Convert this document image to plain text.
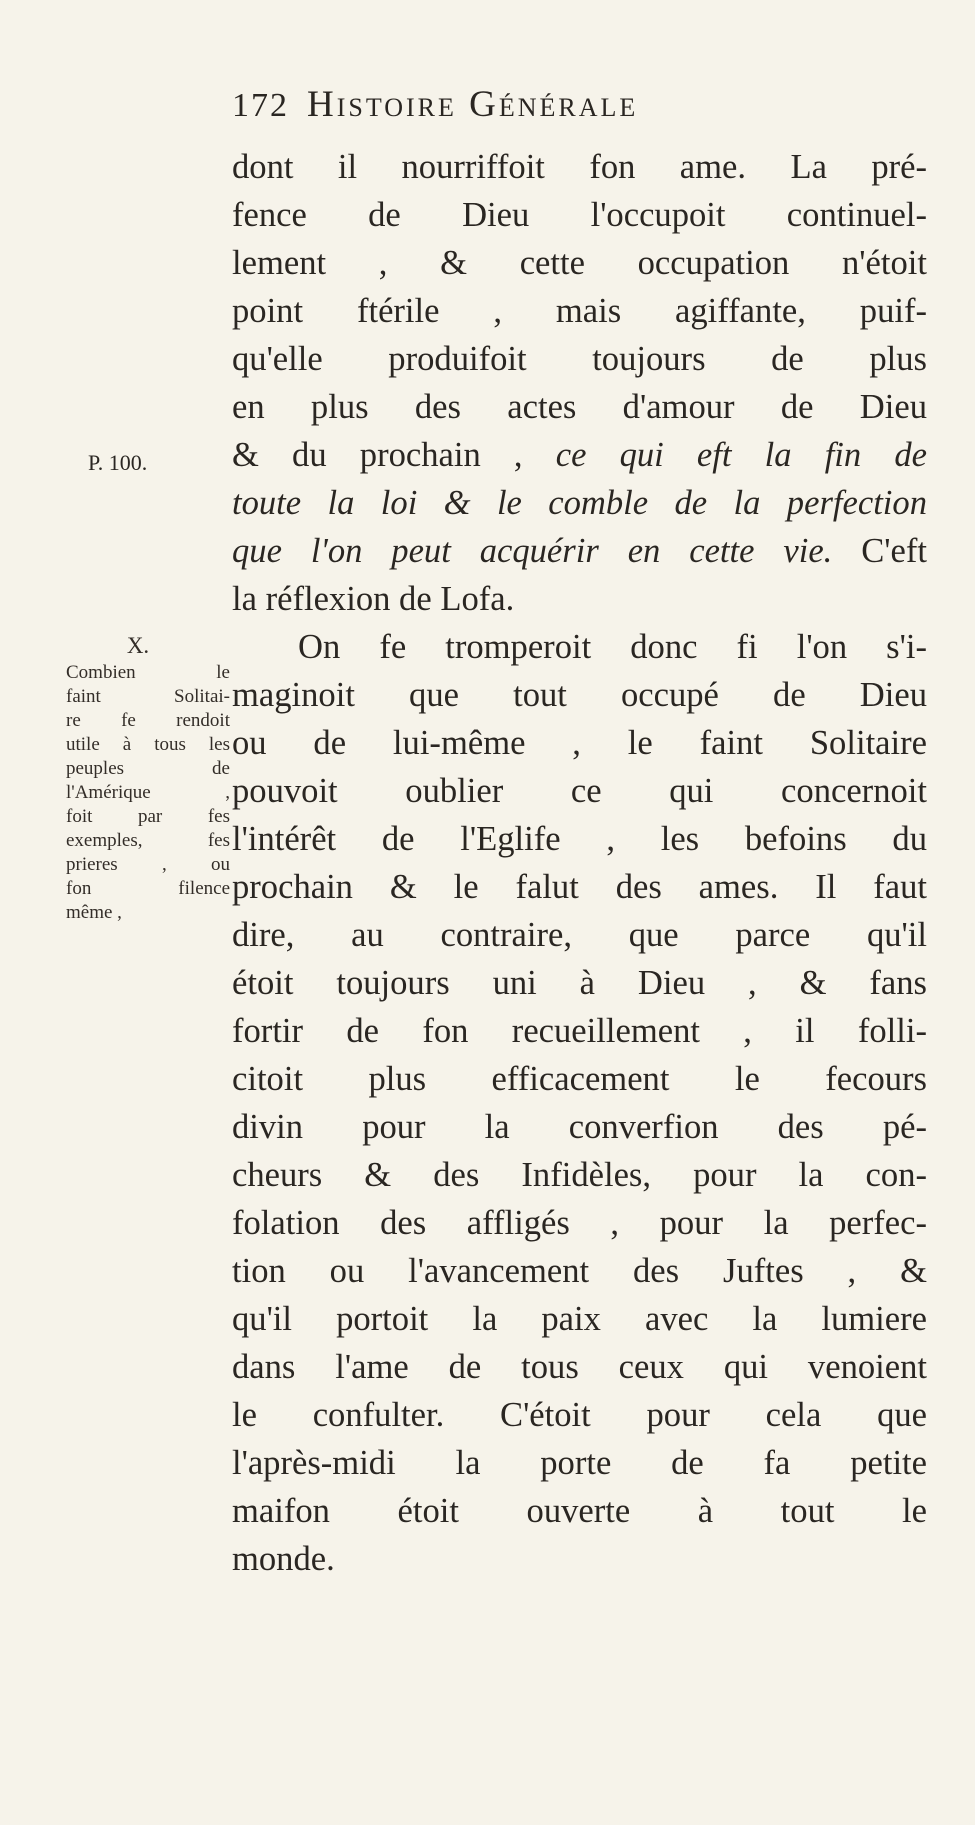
172 Histoire Générale
P. 100.
X.
Combien le
faint Solitai-
re fe rendoit
utile à tous les
peuples de
l'Amérique ,
foit par fes
exemples, fes
prieres , ou
fon filence
même ,
dont il nourriffoit fon ame. La pré-
fence de Dieu l'occupoit continuel-
lement , & cette occupation n'étoit
point ftérile , mais agiffante, puif-
qu'elle produifoit toujours de plus
en plus des actes d'amour de Dieu
& du prochain , ce qui eft la fin de
toute la loi & le comble de la perfection
que l'on peut acquérir en cette vie. C'eft
la réflexion de Lofa.
On fe tromperoit donc fi l'on s'i-
maginoit que tout occupé de Dieu
ou de lui-même , le faint Solitaire
pouvoit oublier ce qui concernoit
l'intérêt de l'Eglife , les befoins du
prochain & le falut des ames. Il faut
dire, au contraire, que parce qu'il
étoit toujours uni à Dieu , & fans
fortir de fon recueillement , il folli-
citoit plus efficacement le fecours
divin pour la converfion des pé-
cheurs & des Infidèles, pour la con-
folation des affligés , pour la perfec-
tion ou l'avancement des Juftes , &
qu'il portoit la paix avec la lumiere
dans l'ame de tous ceux qui venoient
le confulter. C'étoit pour cela que
l'après-midi la porte de fa petite
maifon étoit ouverte à tout le
monde.
